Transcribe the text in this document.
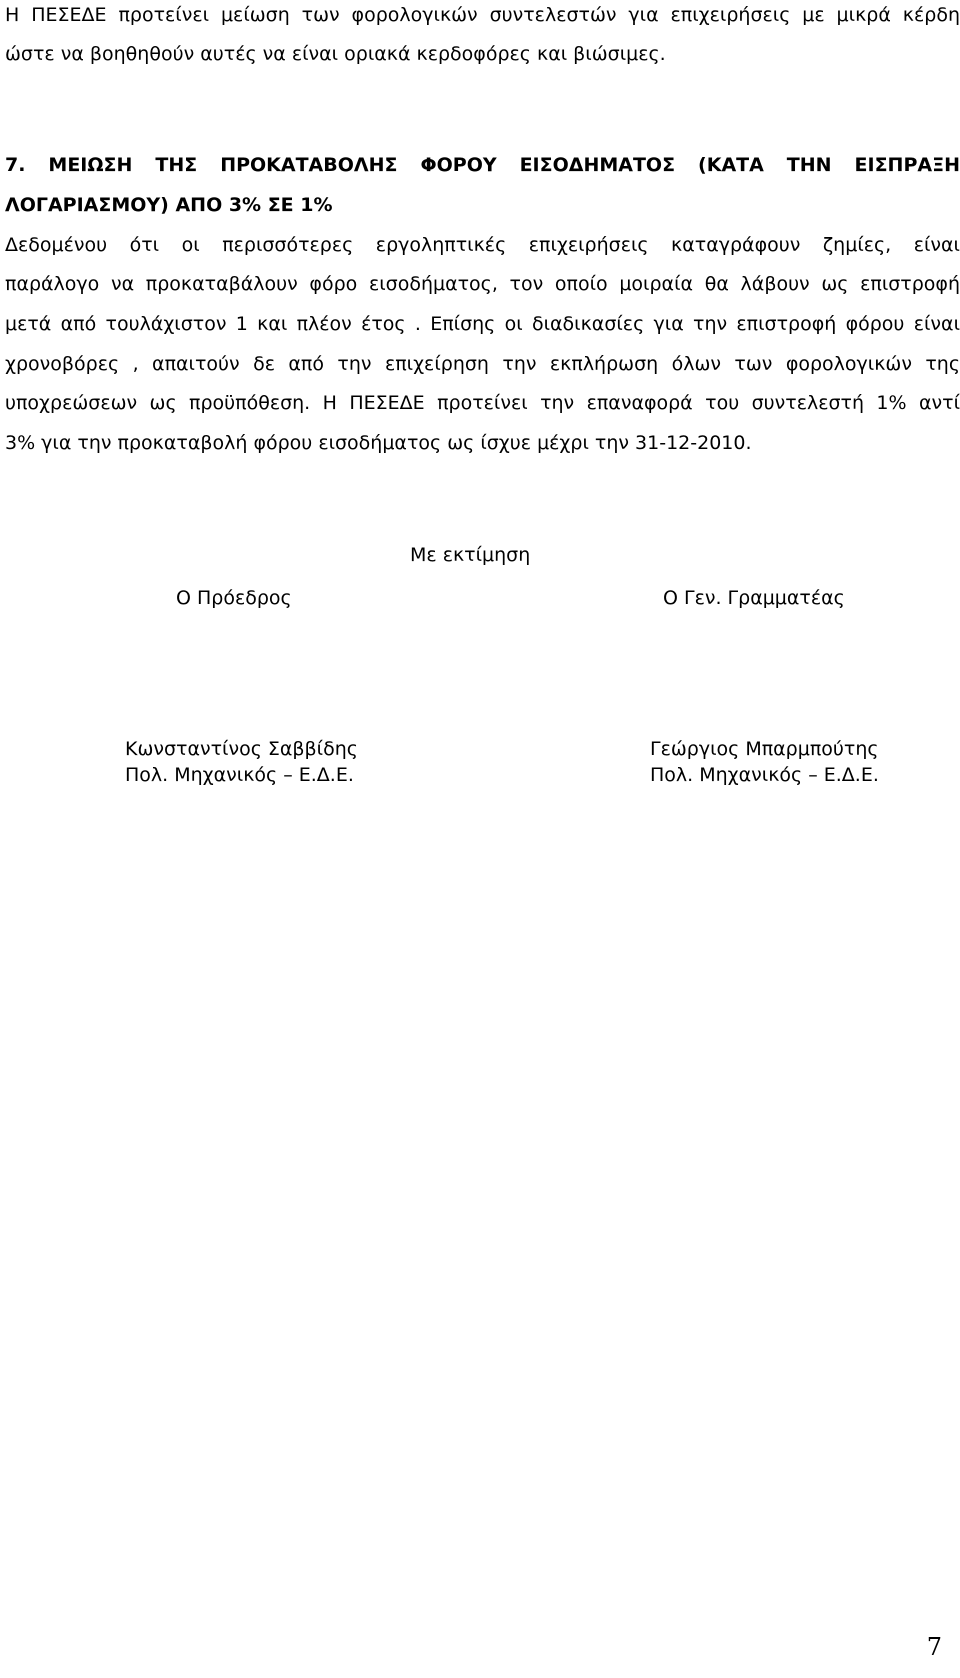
Η ΠΕΣΕΔΕ προτείνει μείωση των φορολογικών συντελεστών για επιχειρήσεις με μικρά κέρδη
ώστε να βοηθηθούν αυτές να είναι οριακά κερδοφόρες και βιώσιμες.
7. ΜΕΙΩΣΗ ΤΗΣ ΠΡΟΚΑΤΑΒΟΛΗΣ ΦΟΡΟΥ ΕΙΣΟΔΗΜΑΤΟΣ (ΚΑΤΑ ΤΗΝ ΕΙΣΠΡΑΞΗ
ΛΟΓΑΡΙΑΣΜΟΥ) ΑΠΟ 3% ΣΕ 1%
Δεδομένου ότι οι περισσότερες εργοληπτικές επιχειρήσεις καταγράφουν ζημίες, είναι
παράλογο να προκαταβάλουν φόρο εισοδήματος, τον οποίο μοιραία θα λάβουν ως επιστροφή
μετά από τουλάχιστον 1 και πλέον έτος . Επίσης οι διαδικασίες για την επιστροφή φόρου είναι
χρονοβόρες , απαιτούν δε από την επιχείρηση την εκπλήρωση όλων των φορολογικών της
υποχρεώσεων ως προϋπόθεση. Η ΠΕΣΕΔΕ προτείνει την επαναφορά του συντελεστή 1% αντί
3% για την προκαταβολή φόρου εισοδήματος ως ίσχυε μέχρι την 31-12-2010.
Με εκτίμηση
Ο Πρόεδρος	Ο Γεν. Γραμματέας
Κωνσταντίνος Σαββίδης
Πολ. Μηχανικός – Ε.Δ.Ε.
Γεώργιος Μπαρμπούτης
Πολ. Μηχανικός – Ε.Δ.Ε.
7
